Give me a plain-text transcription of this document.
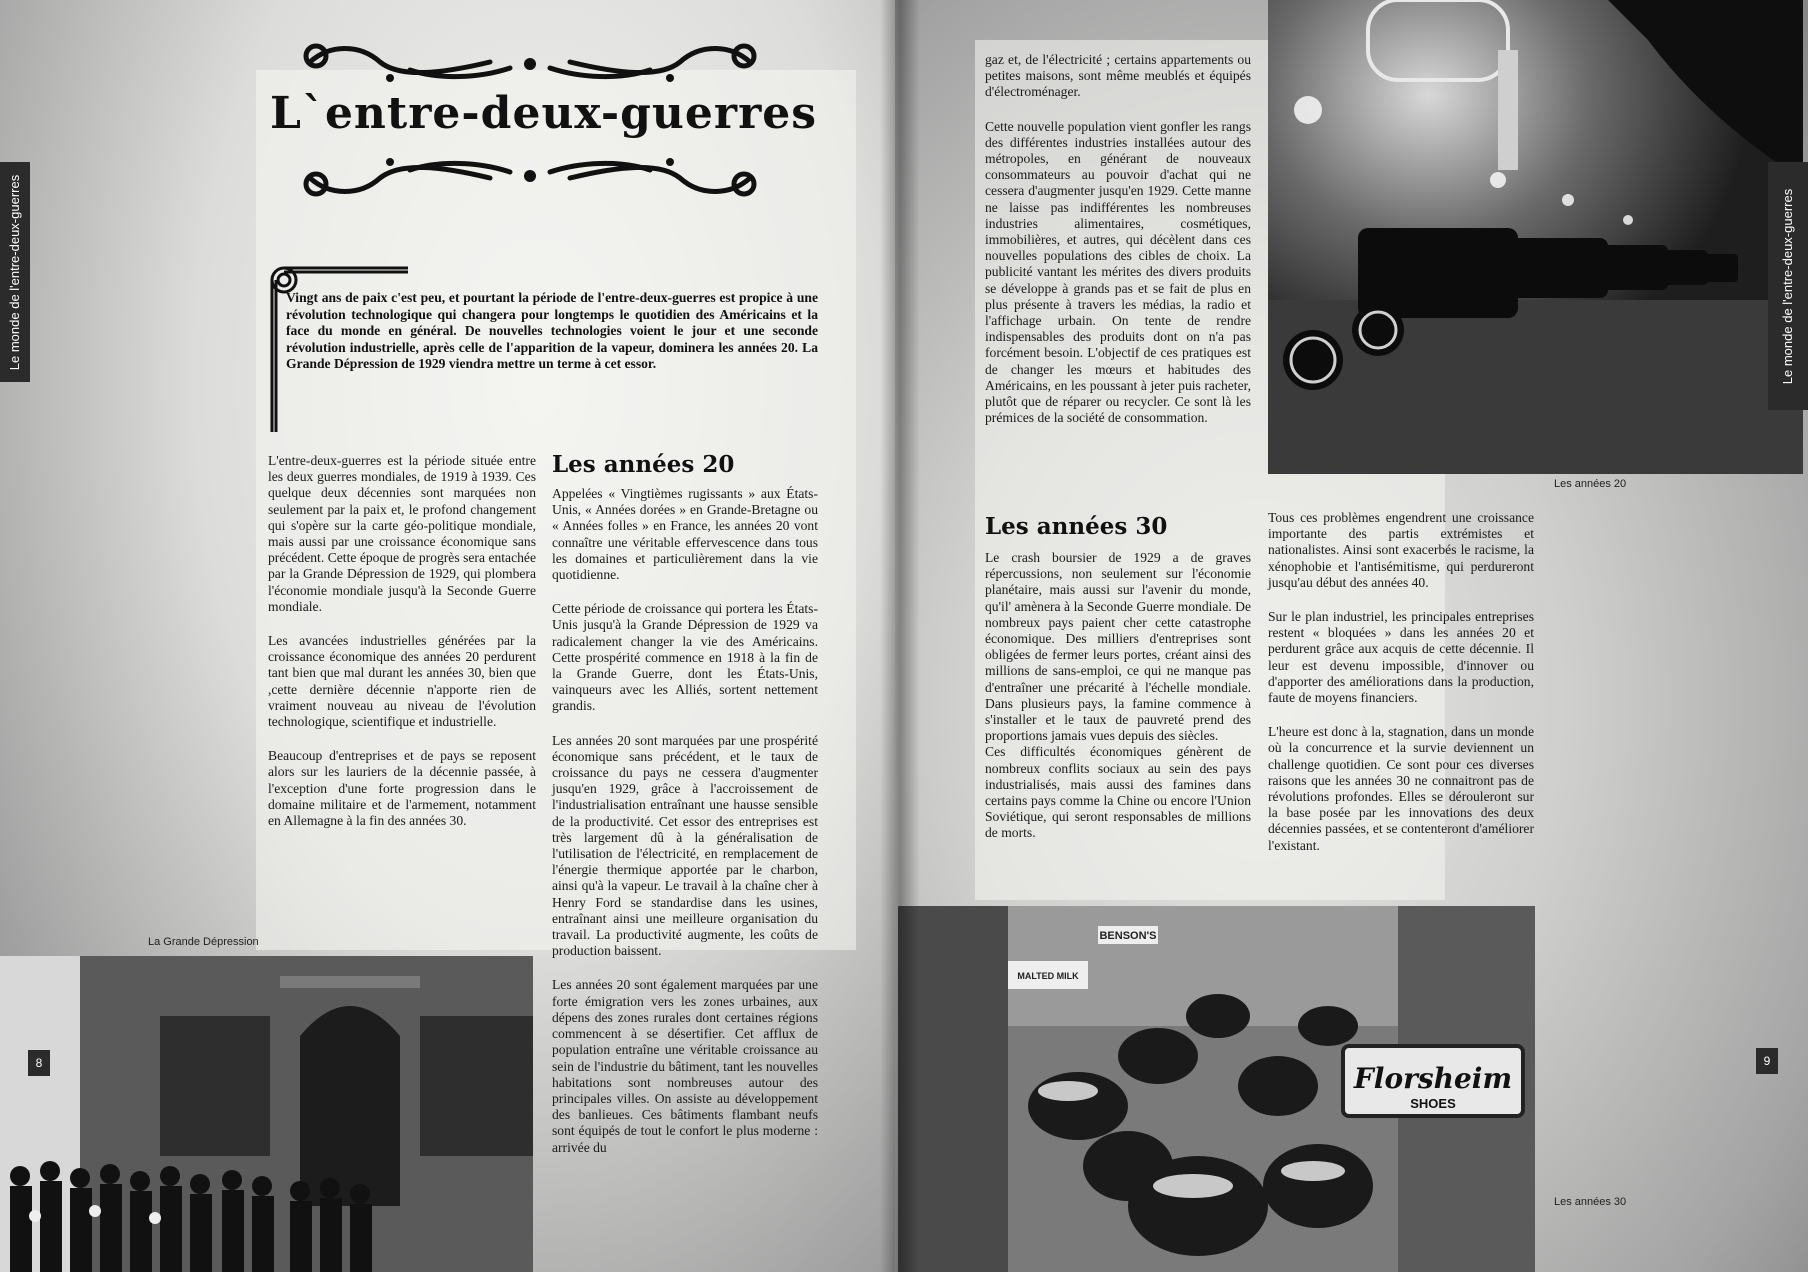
Le monde de l'entre-deux-guerres
L`entre-deux-guerres
Vingt ans de paix c'est peu, et pourtant la période de l'entre-deux-guerres est propice à une révolution technologique qui changera pour longtemps le quotidien des Américains et la face du monde en général. De nouvelles technologies voient le jour et une seconde révolution industrielle, après celle de l'apparition de la vapeur, dominera les années 20. La Grande Dépression de 1929 viendra mettre un terme à cet essor.

L'entre-deux-guerres est la période située entre les deux guerres mondiales, de 1919 à 1939. Ces quelque deux décennies sont marquées non seulement par la paix et, le profond changement qui s'opère sur la carte géo-politique mondiale, mais aussi par une croissance économique sans précédent. Cette époque de progrès sera entachée par la Grande Dépression de 1929, qui plombera l'économie mondiale jusqu'à la Seconde Guerre mondiale.

Les avancées industrielles générées par la croissance économique des années 20 perdurent tant bien que mal durant les années 30, bien que ,cette dernière décennie n'apporte rien de vraiment nouveau au niveau de l'évolution technologique, scientifique et industrielle.

Beaucoup d'entreprises et de pays se reposent alors sur les lauriers de la décennie passée, à l'exception d'une forte progression dans le domaine militaire et de l'armement, notamment en Allemagne à la fin des années 30.

Les années 20

Appelées « Vingtièmes rugissants » aux États-Unis, « Années dorées » en Grande-Bretagne ou « Années folles » en France, les années 20 vont connaître une véritable effervescence dans tous les domaines et particulièrement dans la vie quotidienne.

Cette période de croissance qui portera les États-Unis jusqu'à la Grande Dépression de 1929 va radicalement changer la vie des Américains. Cette prospérité commence en 1918 à la fin de la Grande Guerre, dont les États-Unis, vainqueurs avec les Alliés, sortent nettement grandis.

Les années 20 sont marquées par une prospérité économique sans précédent, et le taux de croissance du pays ne cessera d'augmenter jusqu'en 1929, grâce à l'accroissement de l'industrialisation entraînant une hausse sensible de la productivité. Cet essor des entreprises est très largement dû à la généralisation de l'utilisation de l'électricité, en remplacement de l'énergie thermique apportée par le charbon, ainsi qu'à la vapeur. Le travail à la chaîne cher à Henry Ford se standardise dans les usines, entraînant ainsi une meilleure organisation du travail. La productivité augmente, les coûts de production baissent.

Les années 20 sont également marquées par une forte émigration vers les zones urbaines, aux dépens des zones rurales dont certaines régions commencent à se désertifier. Cet afflux de population entraîne une véritable croissance au sein de l'industrie du bâtiment, tant les nouvelles habitations sont nombreuses autour des principales villes. On assiste au développement des banlieues. Ces bâtiments flambant neufs sont équipés de tout le confort le plus moderne : arrivée du

La Grande Dépression
8

gaz et, de l'électricité ; certains appartements ou petites maisons, sont même meublés et équipés d'électroménager.

Cette nouvelle population vient gonfler les rangs des différentes industries installées autour des métropoles, en générant de nouveaux consommateurs au pouvoir d'achat qui ne cessera d'augmenter jusqu'en 1929. Cette manne ne laisse pas indifférentes les nombreuses industries alimentaires, cosmétiques, immobilières, et autres, qui décèlent dans ces nouvelles populations des cibles de choix. La publicité vantant les mérites des divers produits se développe à grands pas et se fait de plus en plus présente à travers les médias, la radio et l'affichage urbain. On tente de rendre indispensables des produits dont on n'a pas forcément besoin. L'objectif de ces pratiques est de changer les mœurs et habitudes des Américains, en les poussant à jeter puis racheter, plutôt que de réparer ou recycler. Ce sont là les prémices de la société de consommation.

Les années 30

Le crash boursier de 1929 a de graves répercussions, non seulement sur l'économie planétaire, mais aussi sur l'avenir du monde, qu'il' amènera à la Seconde Guerre mondiale. De nombreux pays paient cher cette catastrophe économique. Des milliers d'entreprises sont obligées de fermer leurs portes, créant ainsi des millions de sans-emploi, ce qui ne manque pas d'entraîner une précarité à l'échelle mondiale. Dans plusieurs pays, la famine commence à s'installer et le taux de pauvreté prend des proportions jamais vues depuis des siècles.

Ces difficultés économiques génèrent de nombreux conflits sociaux au sein des pays industrialisés, mais aussi des famines dans certains pays comme la Chine ou encore l'Union Soviétique, qui seront responsables de millions de morts.

Tous ces problèmes engendrent une croissance importante des partis extrémistes et nationalistes. Ainsi sont exacerbés le racisme, la xénophobie et l'antisémitisme, qui perdureront jusqu'au début des années 40.

Sur le plan industriel, les principales entreprises restent « bloquées » dans les années 20 et perdurent grâce aux acquis de cette décennie. Il leur est devenu impossible, d'innover ou d'apporter des améliorations dans la production, faute de moyens financiers.

L'heure est donc à la, stagnation, dans un monde où la concurrence et la survie deviennent un challenge quotidien. Ce sont pour ces diverses raisons que les années 30 ne connaitront pas de révolutions profondes. Elles se dérouleront sur la base posée par les innovations des deux décennies passées, et se contenteront d'améliorer l'existant.

Le monde de l'entre-deux-guerres
Les années 20
BENSON'S
MALTED MILK
Florsheim
SHOES
9
Les années 30
